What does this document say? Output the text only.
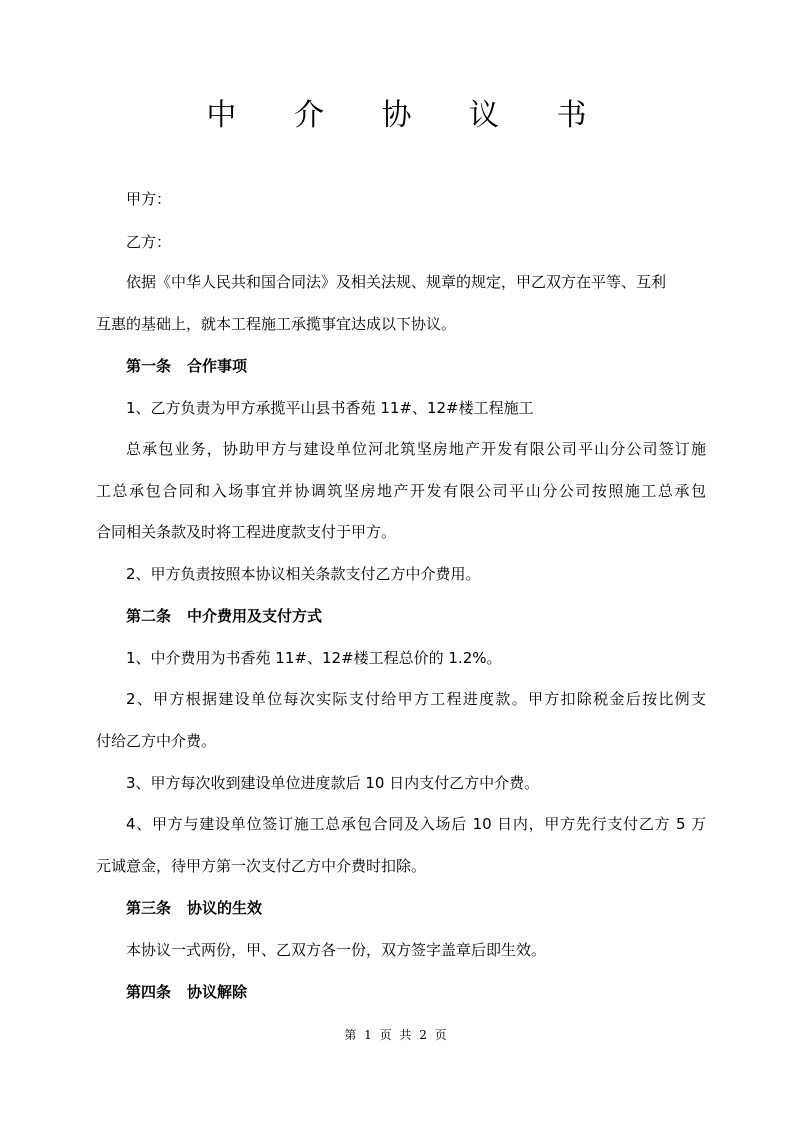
中 介 协 议 书
甲方：
乙方：
依据《中华人民共和国合同法》及相关法规、规章的规定，甲乙双方在平等、互利
互惠的基础上，就本工程施工承揽事宜达成以下协议。
第一条 合作事项
1、乙方负责为甲方承揽平山县书香苑 11#、12#楼工程施工
总承包业务，协助甲方与建设单位河北筑坚房地产开发有限公司平山分公司签订施
工总承包合同和入场事宜并协调筑坚房地产开发有限公司平山分公司按照施工总承包
合同相关条款及时将工程进度款支付于甲方。
2、甲方负责按照本协议相关条款支付乙方中介费用。
第二条 中介费用及支付方式
1、中介费用为书香苑 11#、12#楼工程总价的 1.2%。
2、甲方根据建设单位每次实际支付给甲方工程进度款。甲方扣除税金后按比例支
付给乙方中介费。
3、甲方每次收到建设单位进度款后 10 日内支付乙方中介费。
4、甲方与建设单位签订施工总承包合同及入场后 10 日内，甲方先行支付乙方 5 万
元诚意金，待甲方第一次支付乙方中介费时扣除。
第三条 协议的生效
本协议一式两份，甲、乙双方各一份，双方签字盖章后即生效。
第四条 协议解除
第 1 页 共 2 页
